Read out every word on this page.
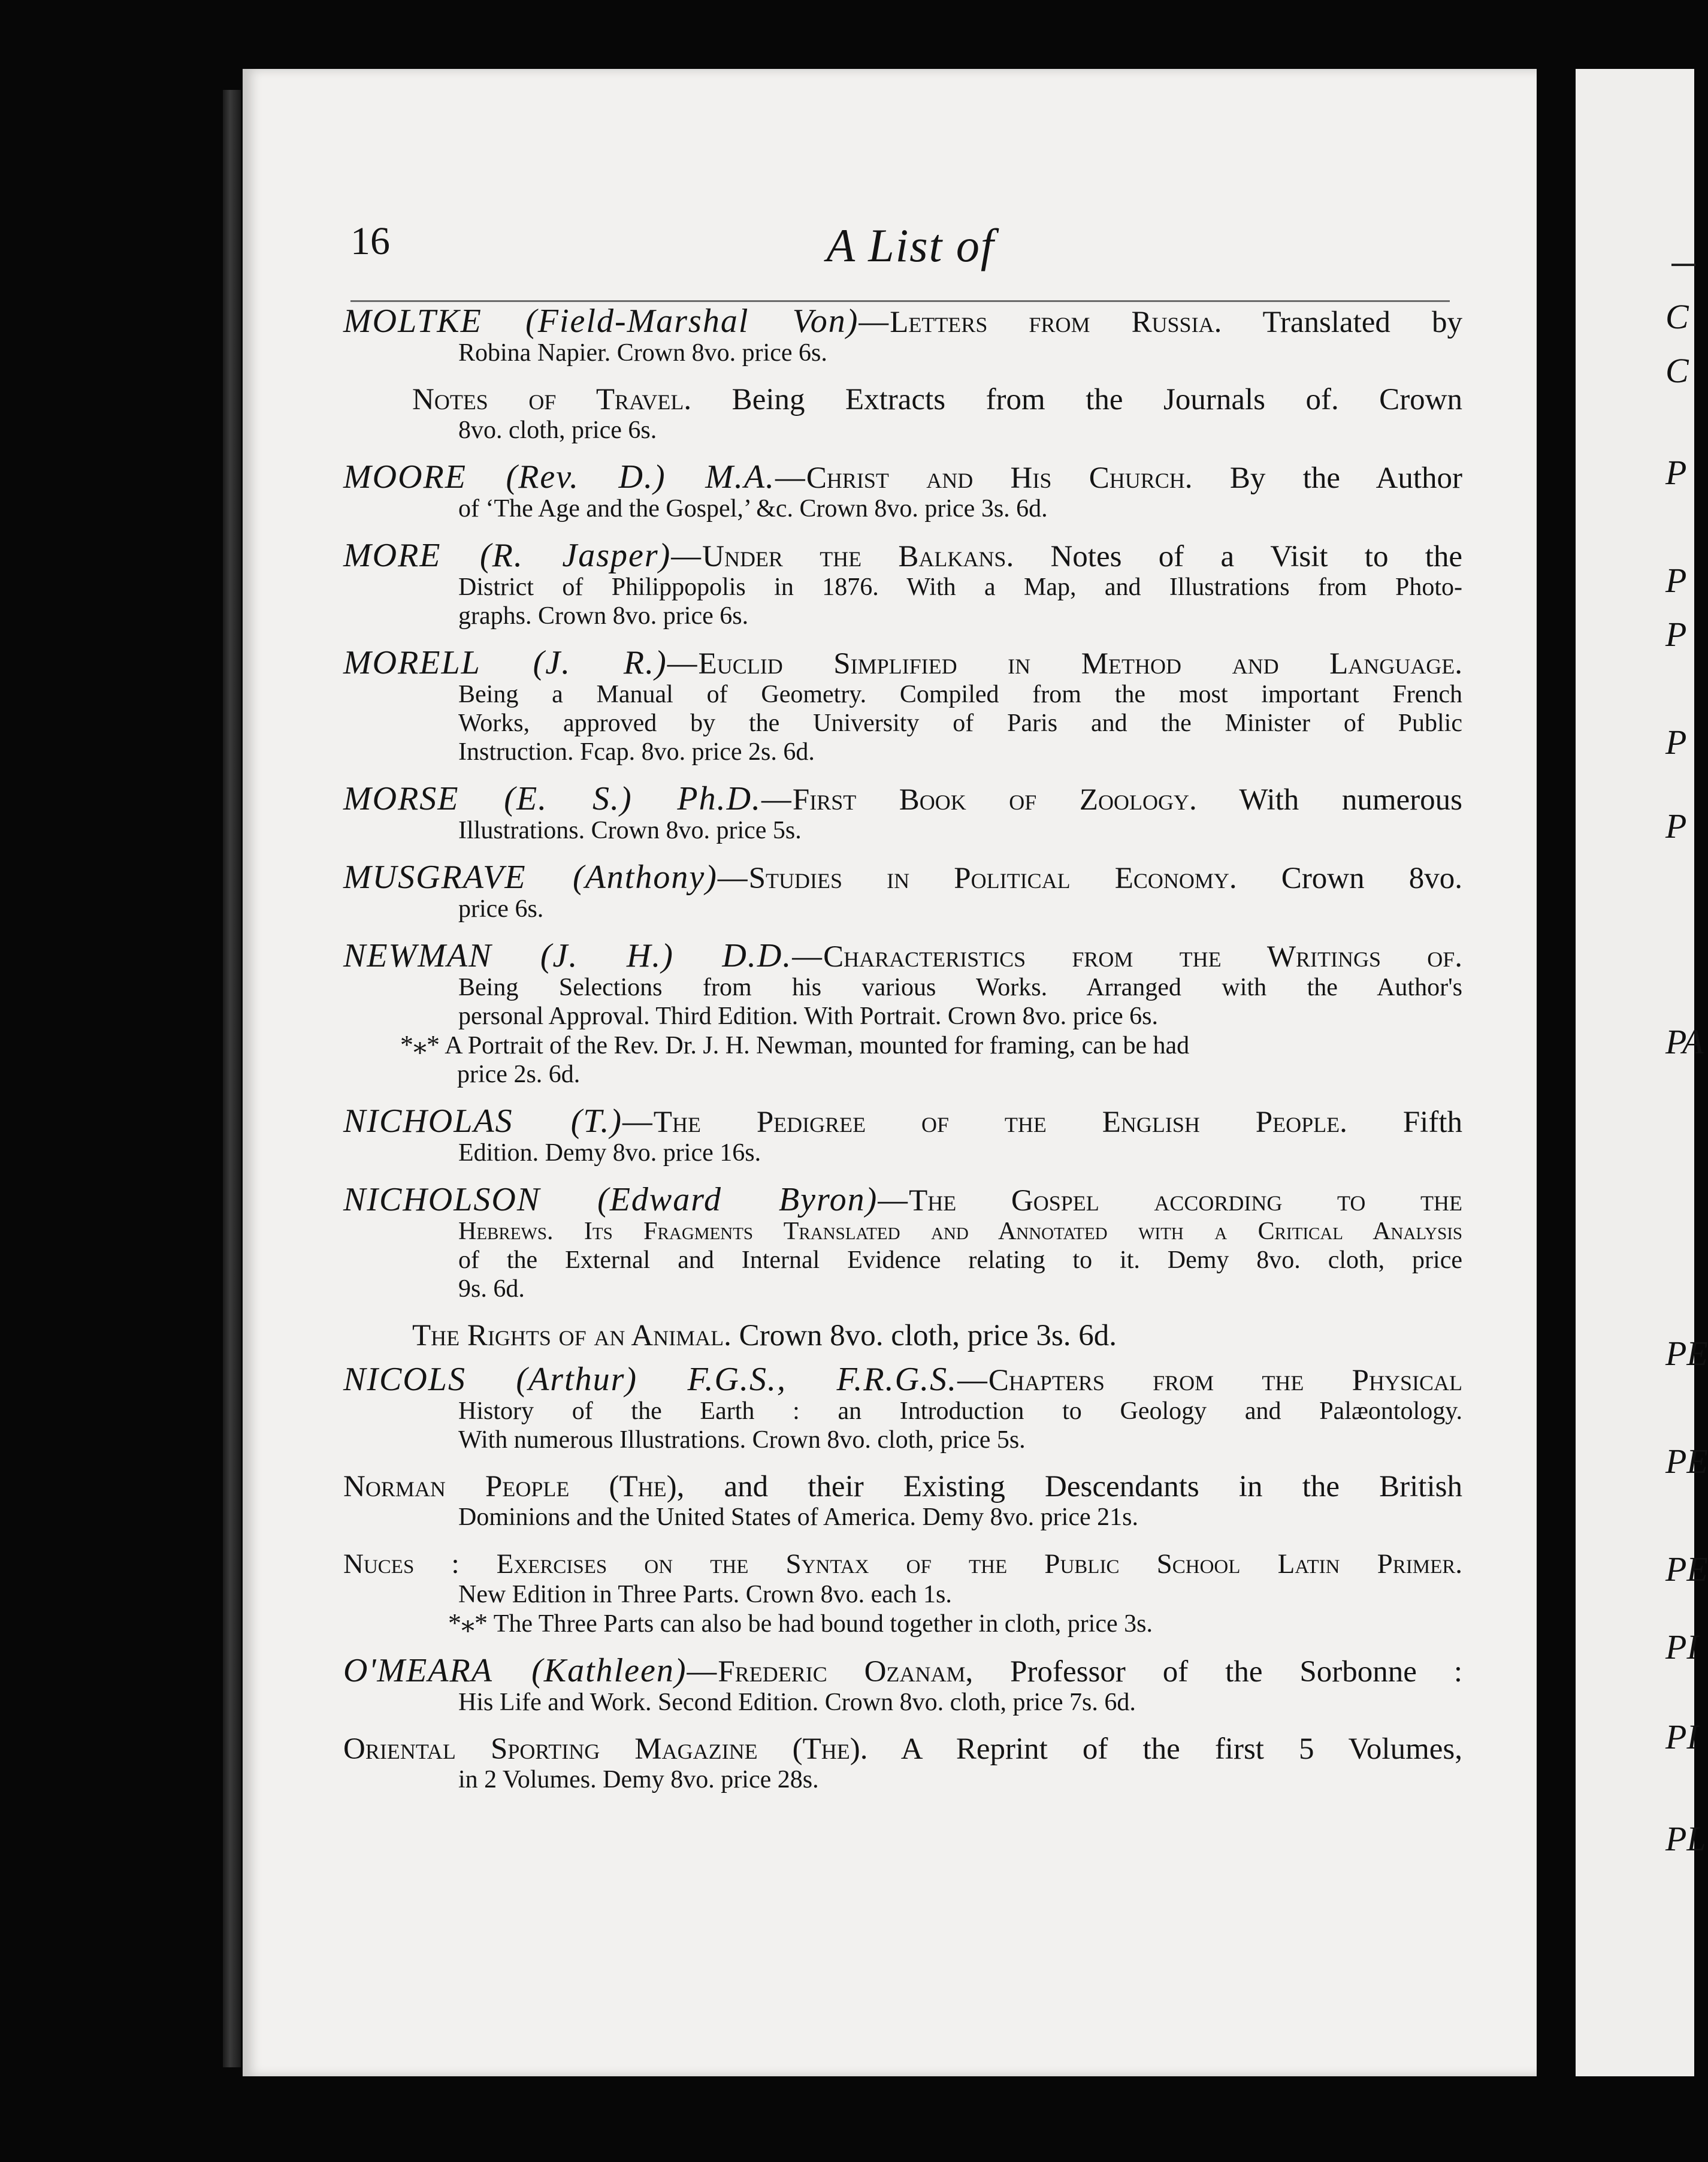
16	A List of
MOLTKE (Field-Marshal Von)—Letters from Russia. Translated by
Robina Napier. Crown 8vo. price 6s.
Notes of Travel. Being Extracts from the Journals of. Crown
8vo. cloth, price 6s.
MOORE (Rev. D.) M.A.—Christ and His Church. By the Author
of ‘The Age and the Gospel,’ &c. Crown 8vo. price 3s. 6d.
MORE (R. Jasper)—Under the Balkans. Notes of a Visit to the
District of Philippopolis in 1876. With a Map, and Illustrations from Photo-
graphs. Crown 8vo. price 6s.
MORELL (J. R.)—Euclid Simplified in Method and Language.
Being a Manual of Geometry. Compiled from the most important French
Works, approved by the University of Paris and the Minister of Public
Instruction. Fcap. 8vo. price 2s. 6d.
MORSE (E. S.) Ph.D.—First Book of Zoology. With numerous
Illustrations. Crown 8vo. price 5s.
MUSGRAVE (Anthony)—Studies in Political Economy. Crown 8vo.
price 6s.
NEWMAN (J. H.) D.D.—Characteristics from the Writings of.
Being Selections from his various Works. Arranged with the Author's
personal Approval. Third Edition. With Portrait. Crown 8vo. price 6s.
*⁎* A Portrait of the Rev. Dr. J. H. Newman, mounted for framing, can be had
price 2s. 6d.
NICHOLAS (T.)—The Pedigree of the English People. Fifth
Edition. Demy 8vo. price 16s.
NICHOLSON (Edward Byron)—The Gospel according to the
Hebrews. Its Fragments Translated and Annotated with a Critical Analysis
of the External and Internal Evidence relating to it. Demy 8vo. cloth, price
9s. 6d.
The Rights of an Animal. Crown 8vo. cloth, price 3s. 6d.
NICOLS (Arthur) F.G.S., F.R.G.S.—Chapters from the Physical
History of the Earth : an Introduction to Geology and Palæontology.
With numerous Illustrations. Crown 8vo. cloth, price 5s.
Norman People (The), and their Existing Descendants in the British
Dominions and the United States of America. Demy 8vo. price 21s.
Nuces : Exercises on the Syntax of the Public School Latin Primer.
New Edition in Three Parts. Crown 8vo. each 1s.
*⁎* The Three Parts can also be had bound together in cloth, price 3s.
O'MEARA (Kathleen)—Frederic Ozanam, Professor of the Sorbonne :
His Life and Work. Second Edition. Crown 8vo. cloth, price 7s. 6d.
Oriental Sporting Magazine (The). A Reprint of the first 5 Volumes,
in 2 Volumes. Demy 8vo. price 28s.
C
C
P
P
P
P
P
PA
PE
PE
PE
PI
PI
PL
